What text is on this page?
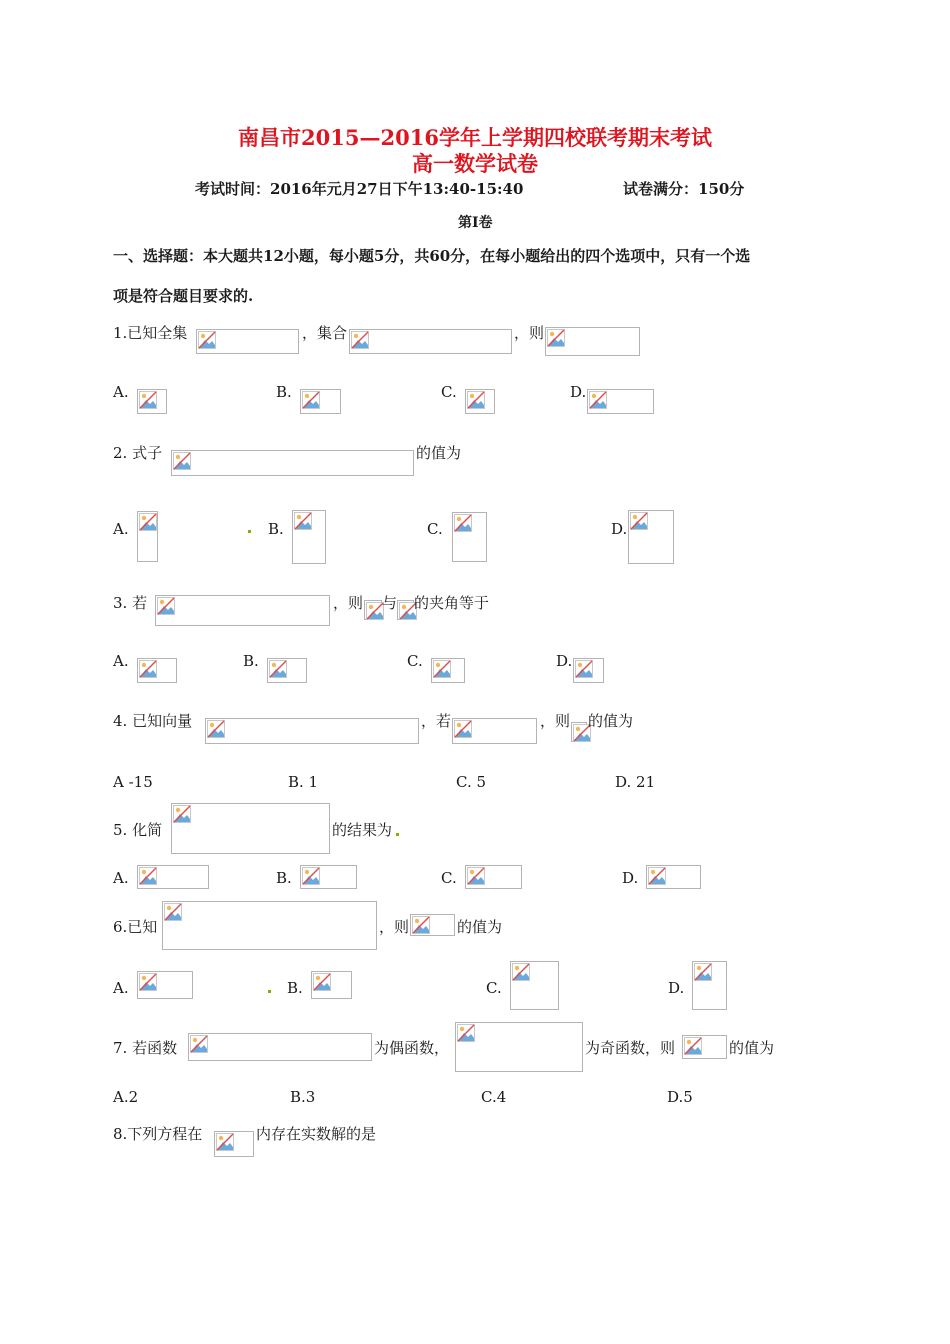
南昌市2015—2016学年上学期四校联考期末考试
高一数学试卷
考试时间：2016年元月27日下午13:40-15:40	试卷满分：150分
第I卷
一、选择题：本大题共12小题，每小题5分，共60分，在每小题给出的四个选项中，只有一个选
项是符合题目要求的.
1.已知全集	，集合	，则
A.	B.	C.	D.
2. 式子	的值为
A.	B.	C.	D.
3. 若	，则 与 的夹角等于
A.	B.	C.	D.
4. 已知向量	，若	，则 的值为
A -15	B. 1	C. 5	D. 21
5. 化简	的结果为
A.	B.	C.	D.
6.已知	，则	的值为
A.	B.	C.	D.
7. 若函数	为偶函数，	为奇函数，则	的值为
A.2	B.3	C.4	D.5
8.下列方程在	内存在实数解的是
